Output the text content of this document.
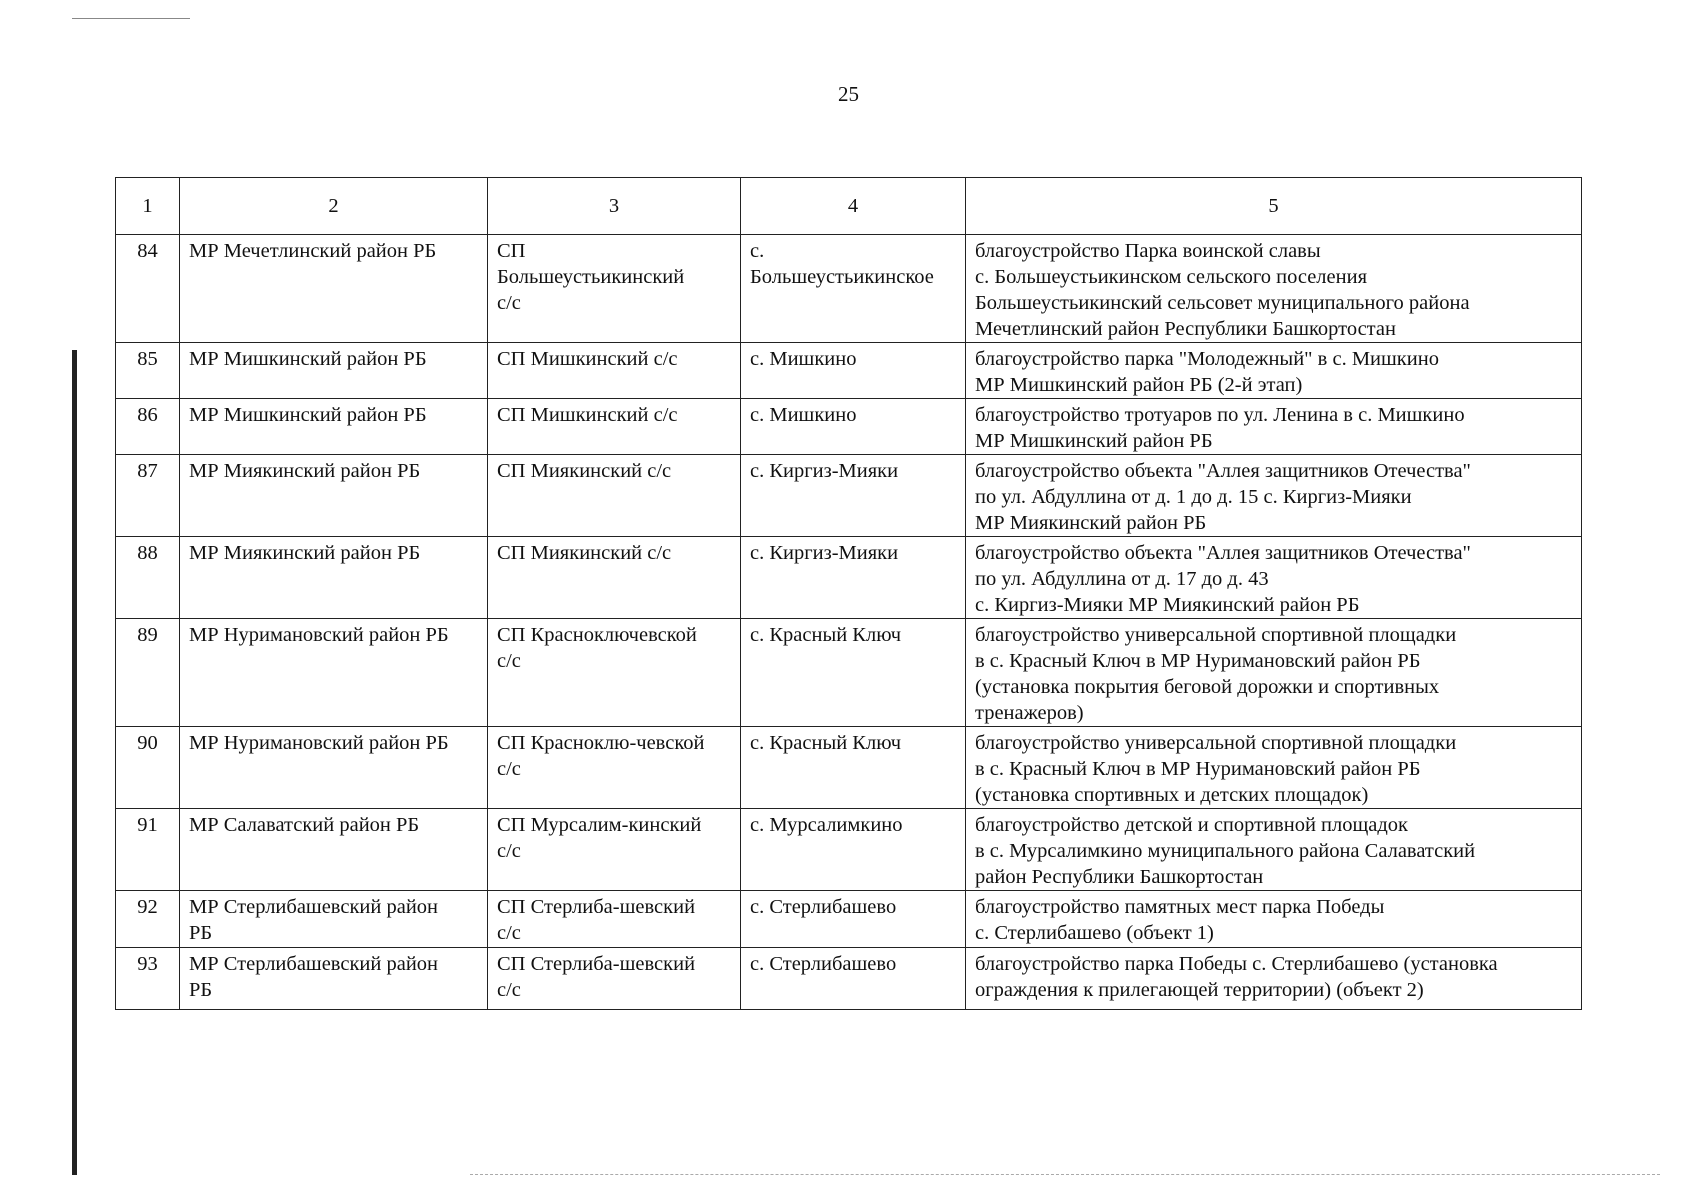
25
1	2	3	4	5
84	МР Мечетлинский район РБ	СП
Большеустьикинский
с/с	с.
Большеустьикинское	благоустройство Парка воинской славы
с. Большеустьикинском сельского поселения
Большеустьикинский сельсовет муниципального района
Мечетлинский район Республики Башкортостан

85	МР Мишкинский район РБ	СП Мишкинский с/с	с. Мишкино	благоустройство парка "Молодежный" в с. Мишкино
МР Мишкинский район РБ (2-й этап)

86	МР Мишкинский район РБ	СП Мишкинский с/с	с. Мишкино	благоустройство тротуаров по ул. Ленина в с. Мишкино
МР Мишкинский район РБ

87	МР Миякинский район РБ	СП Миякинский с/с	с. Киргиз-Мияки	благоустройство объекта "Аллея защитников Отечества"
по ул. Абдуллина от д. 1 до д. 15 с. Киргиз-Мияки
МР Миякинский район РБ

88	МР Миякинский район РБ	СП Миякинский с/с	с. Киргиз-Мияки	благоустройство объекта "Аллея защитников Отечества"
по ул. Абдуллина от д. 17 до д. 43
с. Киргиз-Мияки МР Миякинский район РБ

89	МР Нуримановский район РБ	СП Красноключевской
с/с	с. Красный Ключ	благоустройство универсальной спортивной площадки
в с. Красный Ключ в МР Нуримановский район РБ
(установка покрытия беговой дорожки и спортивных
тренажеров)

90	МР Нуримановский район РБ	СП Красноклю-чевской
с/с	с. Красный Ключ	благоустройство универсальной спортивной площадки
в с. Красный Ключ в МР Нуримановский район РБ
(установка спортивных и детских площадок)

91	МР Салаватский район РБ	СП Мурсалим-кинский
с/с	с. Мурсалимкино	благоустройство детской и спортивной площадок
в с. Мурсалимкино муниципального района Салаватский
район Республики Башкортостан

92	МР Стерлибашевский район
РБ	СП Стерлиба-шевский
с/с	с. Стерлибашево	благоустройство памятных мест парка Победы
с. Стерлибашево (объект 1)

93	МР Стерлибашевский район
РБ	СП Стерлиба-шевский
с/с	с. Стерлибашево	благоустройство парка Победы с. Стерлибашево (установка
ограждения к прилегающей территории) (объект 2)
